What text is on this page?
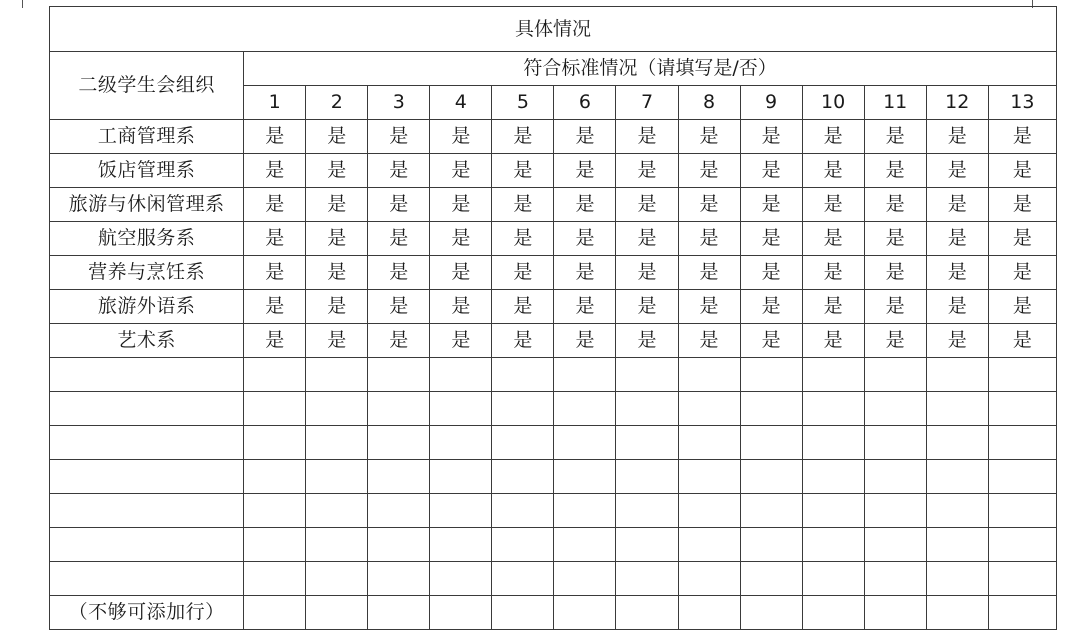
具体情况													
二级学生会组织	符合标准情况（请填写是/否）												
	1	2	3	4	5	6	7	8	9	10	11	12	13
工商管理系	是	是	是	是	是	是	是	是	是	是	是	是	是
饭店管理系	是	是	是	是	是	是	是	是	是	是	是	是	是
旅游与休闲管理系	是	是	是	是	是	是	是	是	是	是	是	是	是
航空服务系	是	是	是	是	是	是	是	是	是	是	是	是	是
营养与烹饪系	是	是	是	是	是	是	是	是	是	是	是	是	是
旅游外语系	是	是	是	是	是	是	是	是	是	是	是	是	是
艺术系	是	是	是	是	是	是	是	是	是	是	是	是	是

（不够可添加行）													
